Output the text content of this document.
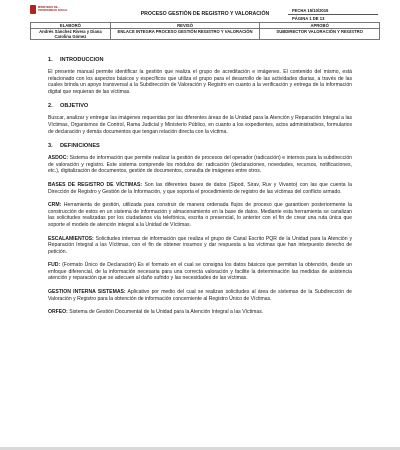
MINISTERIO DE...
PROSPERIDAD SOCIAL
PROCESO GESTIÓN DE REGISTRO Y VALORACIÓN
FECHA 15/10/2015
PÁGINA 1 DE 13
ELABORÓ	REVISÓ	APROBÓ
Andrés Sánchez Rivera y Diana Carolina Gómez	ENLACE INTEGRA PROCESO GESTIÓN REGISTRO Y VALORACIÓN	SUBDIRECTOR VALORACIÓN Y REGISTRO
1. INTRODUCCION

El presente manual permite identificar la gestión que realiza el grupo de acreditación e imágenes. El contenido del mismo, está relacionado con los aspectos básicos y específicos que utiliza el grupo para el desarrollo de las actividades diarias, a través de las cuales brinda un apoyo transversal a la Subdirección de Valoración y Registro en cuanto a la verificación y entrega de la información digital que requieran de las víctimas.

2. OBJETIVO

Buscar, analizar y entregar las imágenes requeridas por las diferentes áreas de la Unidad para la Atención y Reparación Integral a las Víctimas, Organismos de Control, Rama Judicial y Ministerio Público, en cuanto a los expedientes, actos administrativos, formularios de declaración y demás documentos que tengan relación directa con la víctima.

3. DEFINICIONES

ASDOC: Sistema de información que permite realizar la gestión de procesos del operador (radicación) e internos para la subdirección de valoración y registro. Este sistema comprende los módulos de: radicación (declaraciones, novedades, recursos, notificaciones, etc.), digitalización de documentos, gestión de documentos, consulta de imágenes entre otros.

BASES DE REGISTRO DE VÍCTIMAS: Son las diferentes bases de datos (Sipod, Sirav, Ruv y Vivanto) con las que cuenta la Dirección de Registro y Gestión de la Información, y que soporta el procedimiento de registro de las víctimas del conflicto armado.

CRM: Herramienta de gestión, utilizada para construir de manera ordenada flujos de proceso que garanticen posteriormente la construcción de estos en un sistema de información y almacenamiento en la base de datos. Mediante esta herramienta se canalizan las solicitudes realizadas por los ciudadanos vía telefónica, escrita o presencial, lo anterior con el fin de crear una ruta única que soporte el modelo de atención integral a la Unidad de Víctimas.

ESCALAMIENTOS: Solicitudes internas de información que realiza el grupo de Canal Escrito PQR de la Unidad para la Atención y Reparación Integral a las Víctimas, con el fin de obtener insumos y dar respuesta a las víctimas que han interpuesto derecho de petición.

FUD: (Formato Único de Declaración) Es el formato en el cual se consigna los datos básicos que permitan la obtención, desde un enfoque diferencial, de la información necesaria para una correcta valoración y facilite la determinación las medidas de asistencia atención y reparación que se adecuen al daño sufrido y las necesidades de las víctimas.

GESTION INTERNA SISTEMAS: Aplicativo por medio del cual se realizan solicitudes al área de sistemas de la Subdirección de Valoración y Registro para la obtención de información concerniente al Registro Único de Víctimas.

ORFEO: Sistema de Gestión Documental de la Unidad para la Atención Integral a las Víctimas.
